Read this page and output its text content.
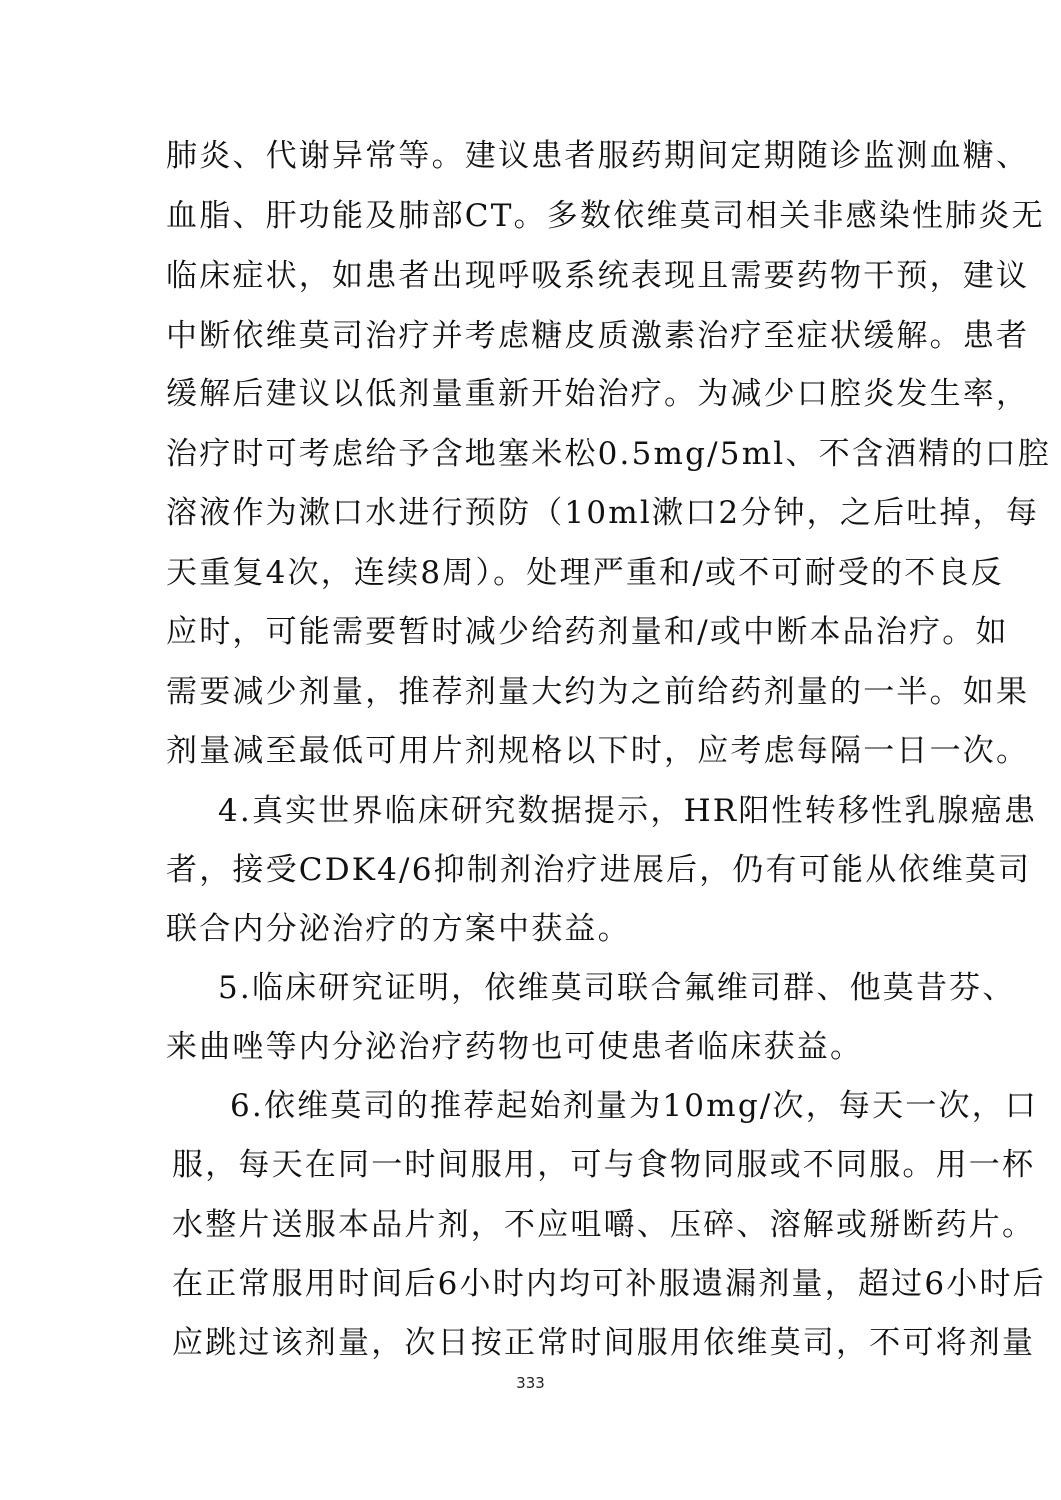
肺炎、代谢异常等。建议患者服药期间定期随诊监测血糖、
血脂、肝功能及肺部CT。多数依维莫司相关非感染性肺炎无
临床症状，如患者出现呼吸系统表现且需要药物干预，建议
中断依维莫司治疗并考虑糖皮质激素治疗至症状缓解。患者
缓解后建议以低剂量重新开始治疗。为减少口腔炎发生率，
治疗时可考虑给予含地塞米松0.5mg/5ml、不含酒精的口腔
溶液作为漱口水进行预防（10ml漱口2分钟，之后吐掉，每
天重复4次，连续8周）。处理严重和/或不可耐受的不良反
应时，可能需要暂时减少给药剂量和/或中断本品治疗。如
需要减少剂量，推荐剂量大约为之前给药剂量的一半。如果
剂量减至最低可用片剂规格以下时，应考虑每隔一日一次。
4.真实世界临床研究数据提示，HR阳性转移性乳腺癌患
者，接受CDK4/6抑制剂治疗进展后，仍有可能从依维莫司
联合内分泌治疗的方案中获益。
5.临床研究证明，依维莫司联合氟维司群、他莫昔芬、
来曲唑等内分泌治疗药物也可使患者临床获益。
6.依维莫司的推荐起始剂量为10mg/次，每天一次，口
服，每天在同一时间服用，可与食物同服或不同服。用一杯
水整片送服本品片剂，不应咀嚼、压碎、溶解或掰断药片。
在正常服用时间后6小时内均可补服遗漏剂量，超过6小时后
应跳过该剂量，次日按正常时间服用依维莫司，不可将剂量
333
